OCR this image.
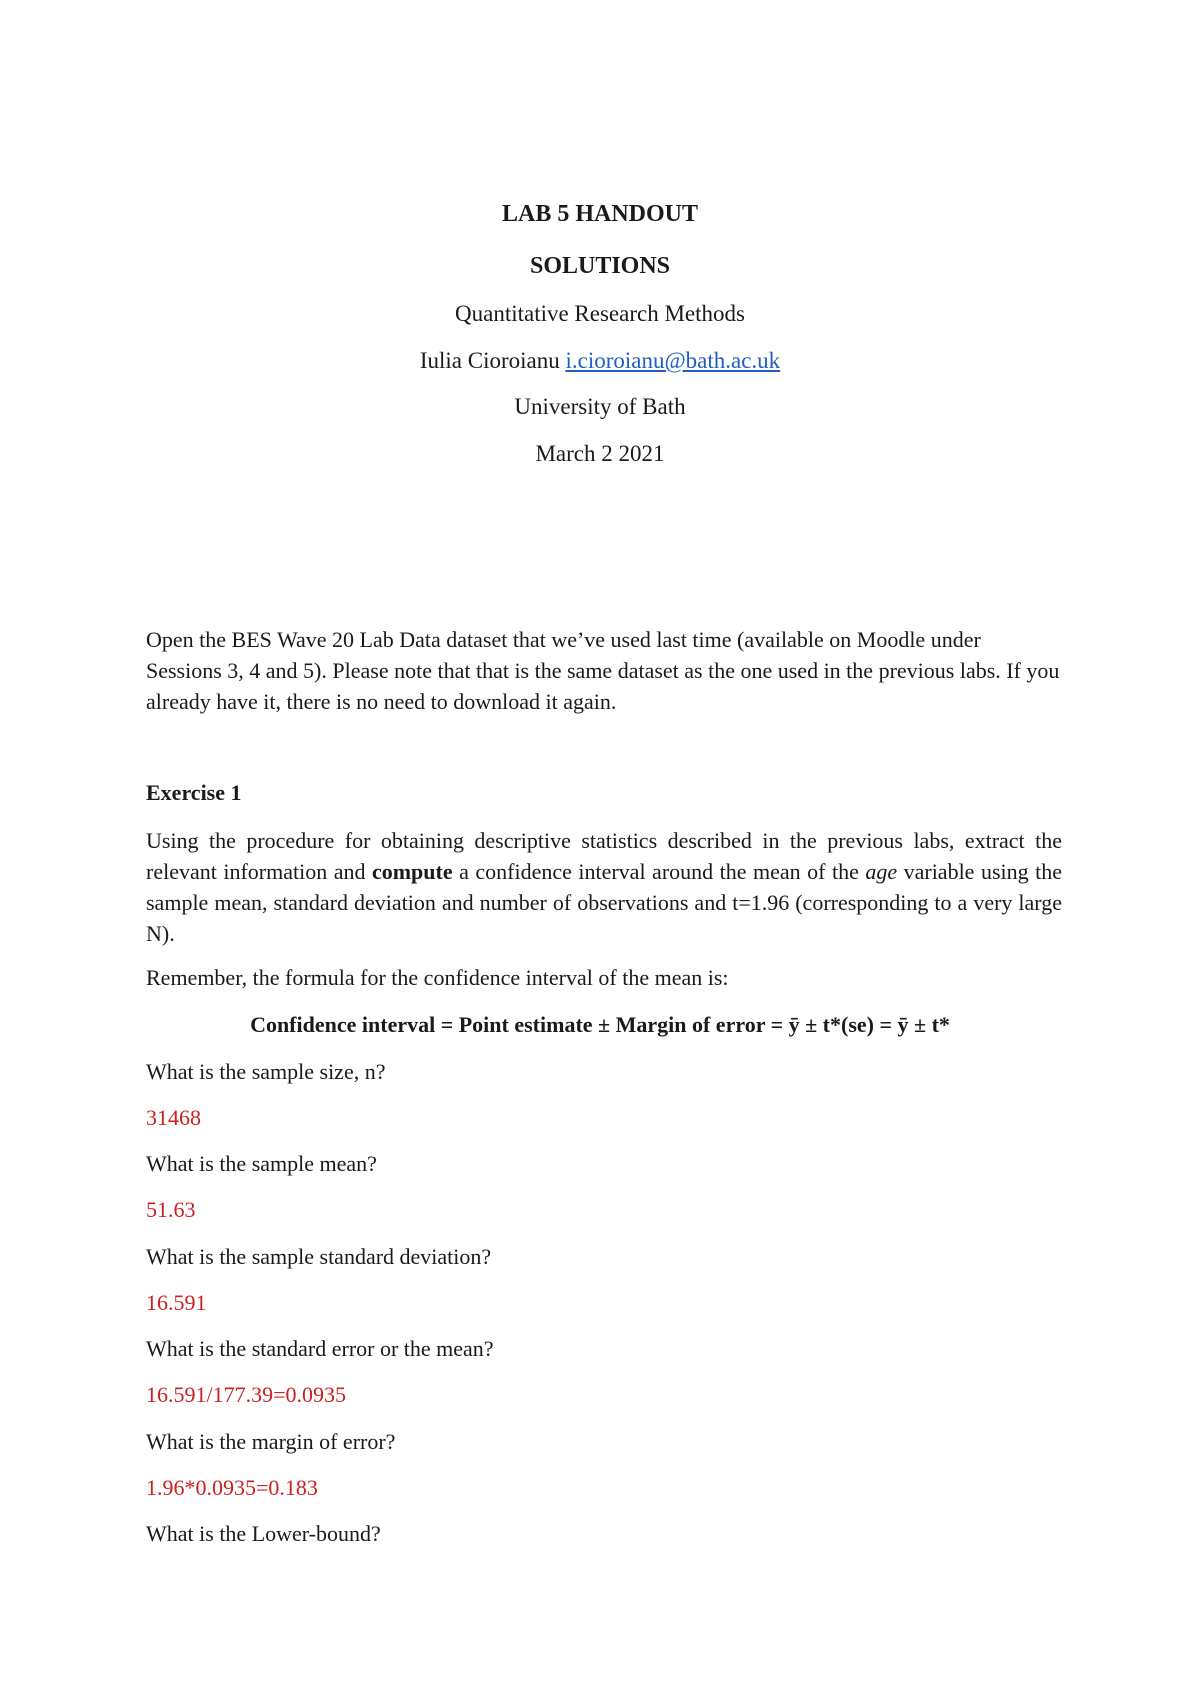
LAB 5 HANDOUT
SOLUTIONS
Quantitative Research Methods
Iulia Cioroianu i.cioroianu@bath.ac.uk
University of Bath
March 2 2021
Open the BES Wave 20 Lab Data dataset that we’ve used last time (available on Moodle under Sessions 3, 4 and 5). Please note that that is the same dataset as the one used in the previous labs. If you already have it, there is no need to download it again.
Exercise 1
Using the procedure for obtaining descriptive statistics described in the previous labs, extract the relevant information and compute a confidence interval around the mean of the age variable using the sample mean, standard deviation and number of observations and t=1.96 (corresponding to a very large N).
Remember, the formula for the confidence interval of the mean is:
Confidence interval = Point estimate ± Margin of error = ȳ ± t*(se) = ȳ ± t*
What is the sample size, n?
31468
What is the sample mean?
51.63
What is the sample standard deviation?
16.591
What is the standard error or the mean?
16.591/177.39=0.0935
What is the margin of error?
1.96*0.0935=0.183
What is the Lower-bound?
